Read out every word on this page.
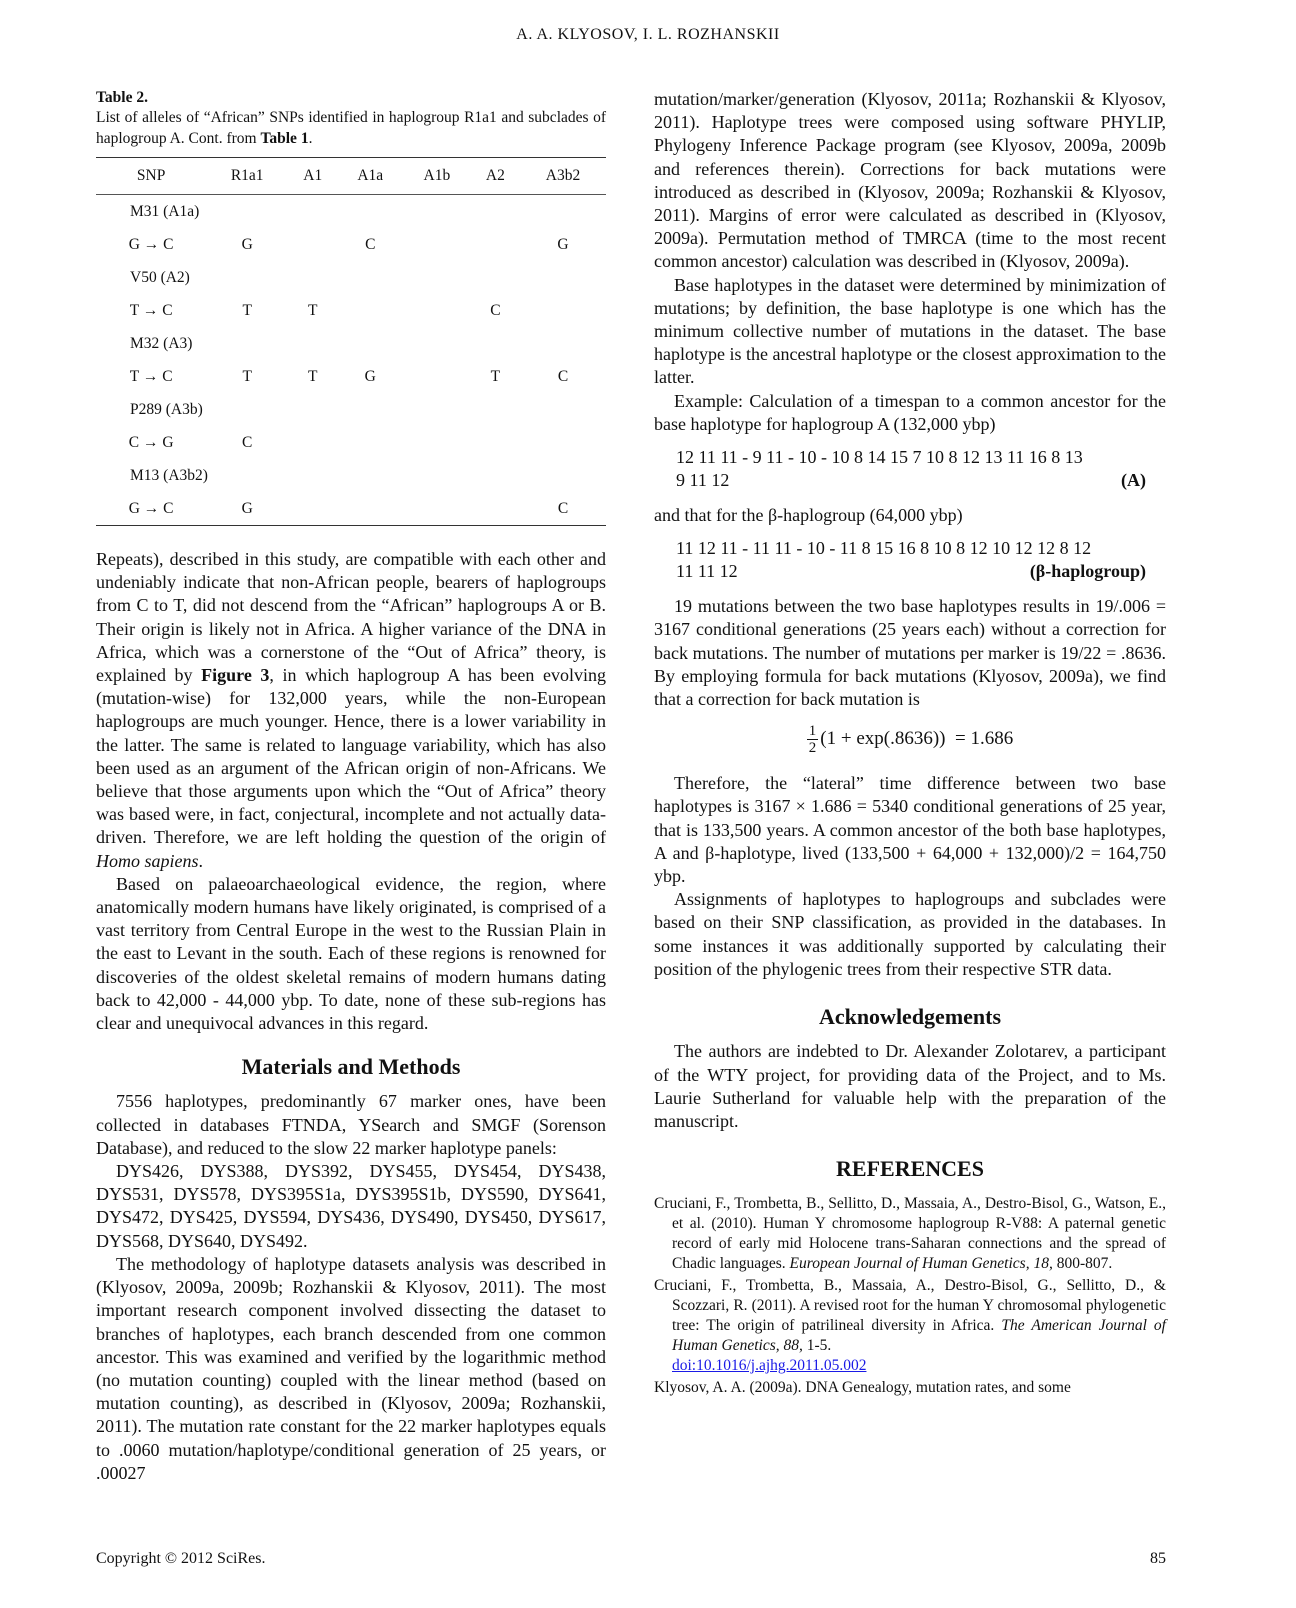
A. A. KLYOSOV, I. L. ROZHANSKII
Table 2.
List of alleles of “African” SNPs identified in haplogroup R1a1 and subclades of haplogroup A. Cont. from Table 1.
SNP	R1a1	A1	A1a	A1b	A2	A3b2
M31 (A1a)						
G → C	G		C			G
V50 (A2)						
T → C	T	T			C	
M32 (A3)						
T → C	T	T	G		T	C
P289 (A3b)						
C → G	C					
M13 (A3b2)						
G → C	G					C

Repeats), described in this study, are compatible with each other and undeniably indicate that non-African people, bearers of haplogroups from C to T, did not descend from the “African” haplogroups A or B. Their origin is likely not in Africa. A higher variance of the DNA in Africa, which was a cornerstone of the “Out of Africa” theory, is explained by Figure 3, in which haplogroup A has been evolving (mutation-wise) for 132,000 years, while the non-European haplogroups are much younger. Hence, there is a lower variability in the latter. The same is related to language variability, which has also been used as an argument of the African origin of non-Africans. We believe that those arguments upon which the “Out of Africa” theory was based were, in fact, conjectural, incomplete and not actually data-driven. Therefore, we are left holding the question of the origin of Homo sapiens.

Based on palaeoarchaeological evidence, the region, where anatomically modern humans have likely originated, is comprised of a vast territory from Central Europe in the west to the Russian Plain in the east to Levant in the south. Each of these regions is renowned for discoveries of the oldest skeletal remains of modern humans dating back to 42,000 - 44,000 ybp. To date, none of these sub-regions has clear and unequivocal advances in this regard.

Materials and Methods

7556 haplotypes, predominantly 67 marker ones, have been collected in databases FTNDA, YSearch and SMGF (Sorenson Database), and reduced to the slow 22 marker haplotype panels:

DYS426, DYS388, DYS392, DYS455, DYS454, DYS438, DYS531, DYS578, DYS395S1a, DYS395S1b, DYS590, DYS641, DYS472, DYS425, DYS594, DYS436, DYS490, DYS450, DYS617, DYS568, DYS640, DYS492.

The methodology of haplotype datasets analysis was described in (Klyosov, 2009a, 2009b; Rozhanskii & Klyosov, 2011). The most important research component involved dissecting the dataset to branches of haplotypes, each branch descended from one common ancestor. This was examined and verified by the logarithmic method (no mutation counting) coupled with the linear method (based on mutation counting), as described in (Klyosov, 2009a; Rozhanskii, 2011). The mutation rate constant for the 22 marker haplotypes equals to .0060 mutation/haplotype/conditional generation of 25 years, or .00027

mutation/marker/generation (Klyosov, 2011a; Rozhanskii & Klyosov, 2011). Haplotype trees were composed using software PHYLIP, Phylogeny Inference Package program (see Klyosov, 2009a, 2009b and references therein). Corrections for back mutations were introduced as described in (Klyosov, 2009a; Rozhanskii & Klyosov, 2011). Margins of error were calculated as described in (Klyosov, 2009a). Permutation method of TMRCA (time to the most recent common ancestor) calculation was described in (Klyosov, 2009a).

Base haplotypes in the dataset were determined by minimization of mutations; by definition, the base haplotype is one which has the minimum collective number of mutations in the dataset. The base haplotype is the ancestral haplotype or the closest approximation to the latter.

Example: Calculation of a timespan to a common ancestor for the base haplotype for haplogroup A (132,000 ybp)

12 11 11 - 9 11 - 10 - 10 8 14 15 7 10 8 12 13 11 16 8 13
9 11 12	(A)

and that for the β-haplogroup (64,000 ybp)

11 12 11 - 11 11 - 10 - 11 8 15 16 8 10 8 12 10 12 12 8 12
11 11 12	(β-haplogroup)

19 mutations between the two base haplotypes results in 19/.006 = 3167 conditional generations (25 years each) without a correction for back mutations. The number of mutations per marker is 19/22 = .8636. By employing formula for back mutations (Klyosov, 2009a), we find that a correction for back mutation is

$\frac{1}{2} (1 + \exp(.8636)) = 1.686$

Therefore, the “lateral” time difference between two base haplotypes is 3167 × 1.686 = 5340 conditional generations of 25 year, that is 133,500 years. A common ancestor of the both base haplotypes, A and β-haplotype, lived (133,500 + 64,000 + 132,000)/2 = 164,750 ybp.

Assignments of haplotypes to haplogroups and subclades were based on their SNP classification, as provided in the databases. In some instances it was additionally supported by calculating their position of the phylogenic trees from their respective STR data.

Acknowledgements

The authors are indebted to Dr. Alexander Zolotarev, a participant of the WTY project, for providing data of the Project, and to Ms. Laurie Sutherland for valuable help with the preparation of the manuscript.

REFERENCES
Cruciani, F., Trombetta, B., Sellitto, D., Massaia, A., Destro-Bisol, G., Watson, E., et al. (2010). Human Y chromosome haplogroup R-V88: A paternal genetic record of early mid Holocene trans-Saharan connections and the spread of Chadic languages. European Journal of Human Genetics, 18, 800-807.
Cruciani, F., Trombetta, B., Massaia, A., Destro-Bisol, G., Sellitto, D., & Scozzari, R. (2011). A revised root for the human Y chromosomal phylogenetic tree: The origin of patrilineal diversity in Africa. The American Journal of Human Genetics, 88, 1-5.
doi:10.1016/j.ajhg.2011.05.002
Klyosov, A. A. (2009a). DNA Genealogy, mutation rates, and some
Copyright © 2012 SciRes.	85
